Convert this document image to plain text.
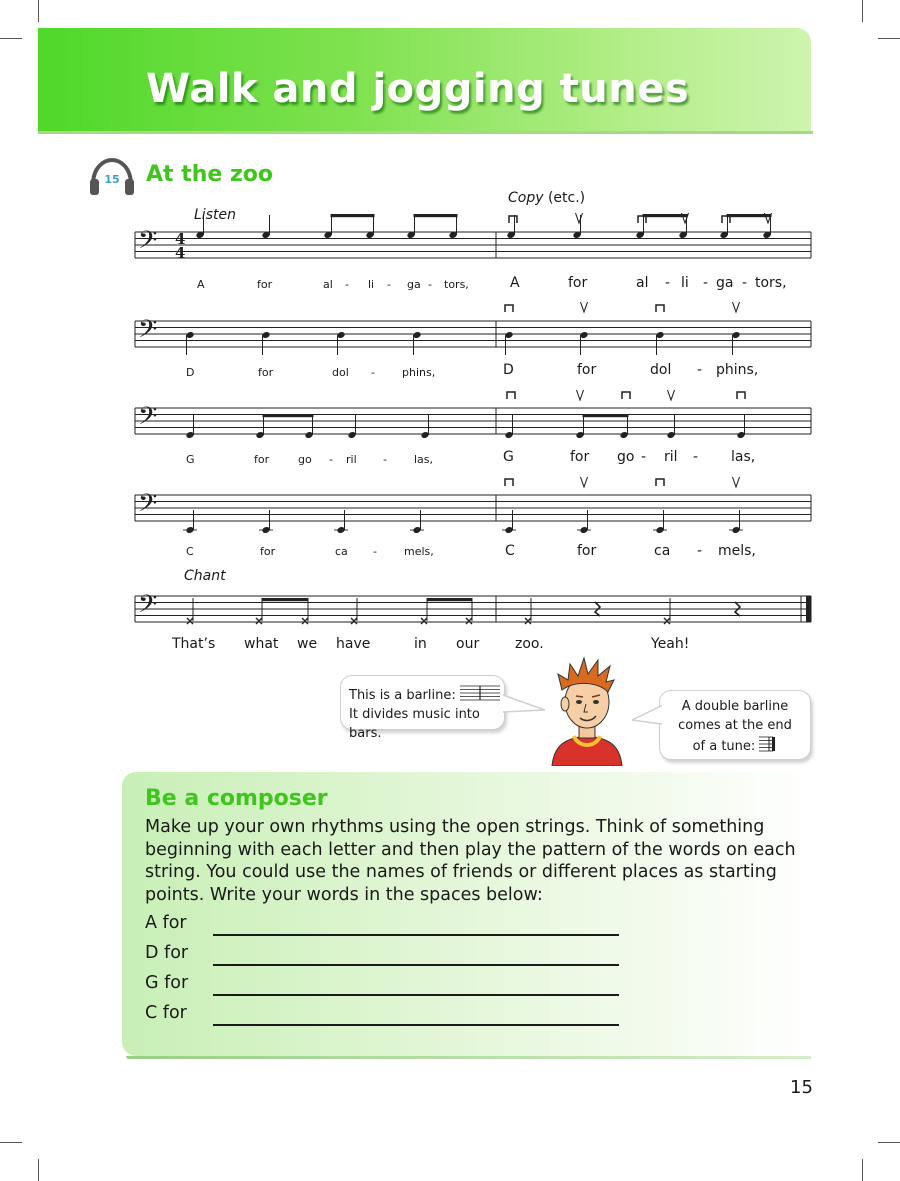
Walk and jogging tunes
15 At the zoo
Listen
Copy (etc.)
Chant
𝄢 4
4
𝄢
𝄢
𝄢
𝄢
A	for	al - li - ga - tors,	A	for	al - li - ga - tors,
D	for	dol - phins,	D	for	dol - phins,
G	for	go - ril - las,	G	for go - ril - las,
C	for	ca - mels,	C	for	ca - mels,
That’s what we have	in our	zoo.	Yeah!
This is a barline:
It divides music into bars.
A double barline
comes at the end
of a tune:
Be a composer

Make up your own rhythms using the open strings. Think of something beginning with each letter and then play the pattern of the words on each string. You could use the names of friends or different places as starting points. Write your words in the spaces below:

A for
D for
G for
C for
15
